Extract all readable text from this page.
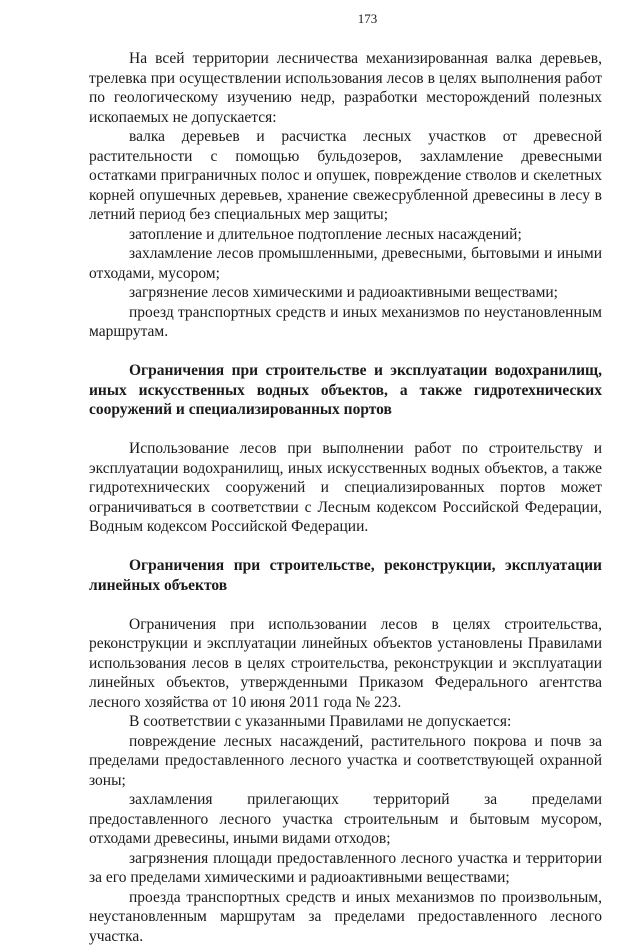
173

На всей территории лесничества механизированная валка деревьев, трелевка при осуществлении использования лесов в целях выполнения работ по геологическому изучению недр, разработки месторождений полезных ископаемых не допускается:

валка деревьев и расчистка лесных участков от древесной растительности с помощью бульдозеров, захламление древесными остатками приграничных полос и опушек, повреждение стволов и скелетных корней опушечных деревьев, хранение свежесрубленной древесины в лесу в летний период без специальных мер защиты;

затопление и длительное подтопление лесных насаждений;

захламление лесов промышленными, древесными, бытовыми и иными отходами, мусором;

загрязнение лесов химическими и радиоактивными веществами;

проезд транспортных средств и иных механизмов по неустановленным маршрутам.

Ограничения при строительстве и эксплуатации водохранилищ, иных искусственных водных объектов, а также гидротехнических сооружений и специализированных портов

Использование лесов при выполнении работ по строительству и эксплуатации водохранилищ, иных искусственных водных объектов, а также гидротехнических сооружений и специализированных портов может ограничиваться в соответствии с Лесным кодексом Российской Федерации, Водным кодексом Российской Федерации.

Ограничения при строительстве, реконструкции, эксплуатации линейных объектов

Ограничения при использовании лесов в целях строительства, реконструкции и эксплуатации линейных объектов установлены Правилами использования лесов в целях строительства, реконструкции и эксплуатации линейных объектов, утвержденными Приказом Федерального агентства лесного хозяйства от 10 июня 2011 года № 223.

В соответствии с указанными Правилами не допускается:

повреждение лесных насаждений, растительного покрова и почв за пределами предоставленного лесного участка и соответствующей охранной зоны;

захламления прилегающих территорий за пределами предоставленного лесного участка строительным и бытовым мусором, отходами древесины, иными видами отходов;

загрязнения площади предоставленного лесного участка и территории за его пределами химическими и радиоактивными веществами;

проезда транспортных средств и иных механизмов по произвольным, неустановленным маршрутам за пределами предоставленного лесного участка.
